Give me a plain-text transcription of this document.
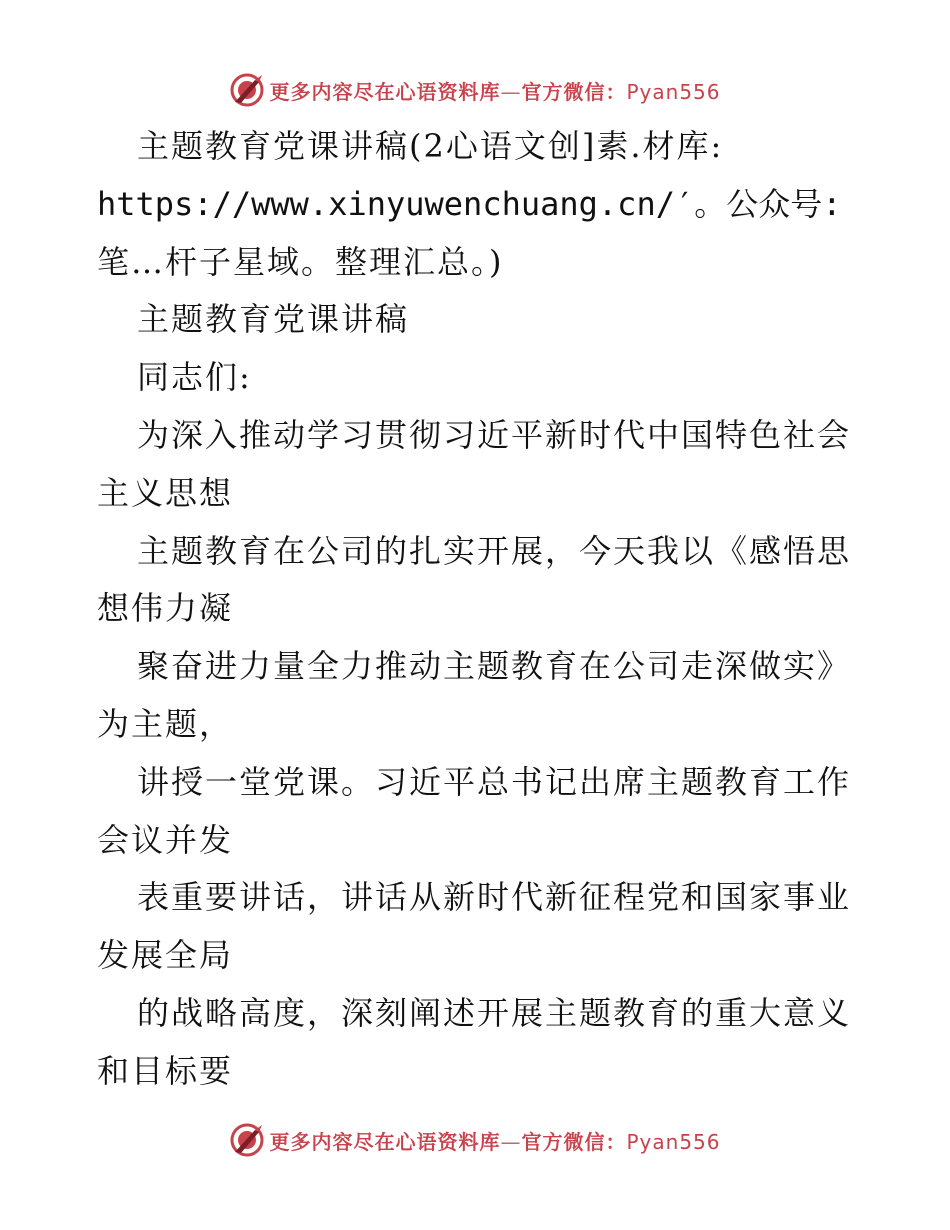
更多内容尽在心语资料库—官方微信：Pyan556

主题教育党课讲稿(2心语文创]素.材库:

https://www.xinyuwenchuang.cn/′。公众号:

笔…杆子星域。整理汇总。)

主题教育党课讲稿

同志们:

为深入推动学习贯彻习近平新时代中国特色社会主义思想

主题教育在公司的扎实开展，今天我以《感悟思想伟力凝

聚奋进力量全力推动主题教育在公司走深做实》为主题，

讲授一堂党课。习近平总书记出席主题教育工作会议并发

表重要讲话，讲话从新时代新征程党和国家事业发展全局

的战略高度，深刻阐述开展主题教育的重大意义和目标要

更多内容尽在心语资料库—官方微信：Pyan556
